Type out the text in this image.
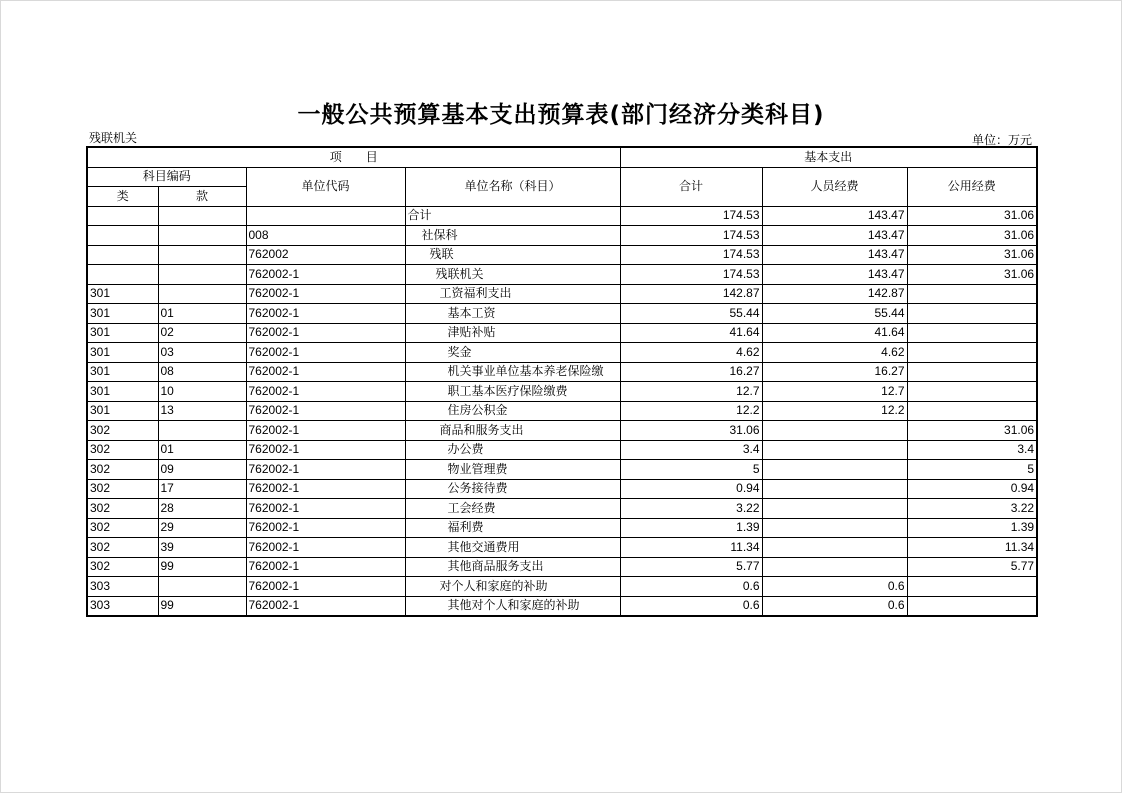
一般公共预算基本支出预算表(部门经济分类科目)
残联机关	单位：万元
项　　目				基本支出		
科目编码		单位代码	单位名称（科目）	合计	人员经费	公用经费
类	款					
			合计	174.53	143.47	31.06
		008	社保科	174.53	143.47	31.06
		762002	残联	174.53	143.47	31.06
		762002-1	残联机关	174.53	143.47	31.06
301		762002-1	工资福利支出	142.87	142.87	
301	01	762002-1	基本工资	55.44	55.44	
301	02	762002-1	津贴补贴	41.64	41.64	
301	03	762002-1	奖金	4.62	4.62	
301	08	762002-1	机关事业单位基本养老保险缴	16.27	16.27	
301	10	762002-1	职工基本医疗保险缴费	12.7	12.7	
301	13	762002-1	住房公积金	12.2	12.2	
302		762002-1	商品和服务支出	31.06		31.06
302	01	762002-1	办公费	3.4		3.4
302	09	762002-1	物业管理费	5		5
302	17	762002-1	公务接待费	0.94		0.94
302	28	762002-1	工会经费	3.22		3.22
302	29	762002-1	福利费	1.39		1.39
302	39	762002-1	其他交通费用	11.34		11.34
302	99	762002-1	其他商品服务支出	5.77		5.77
303		762002-1	对个人和家庭的补助	0.6	0.6	
303	99	762002-1	其他对个人和家庭的补助	0.6	0.6	
